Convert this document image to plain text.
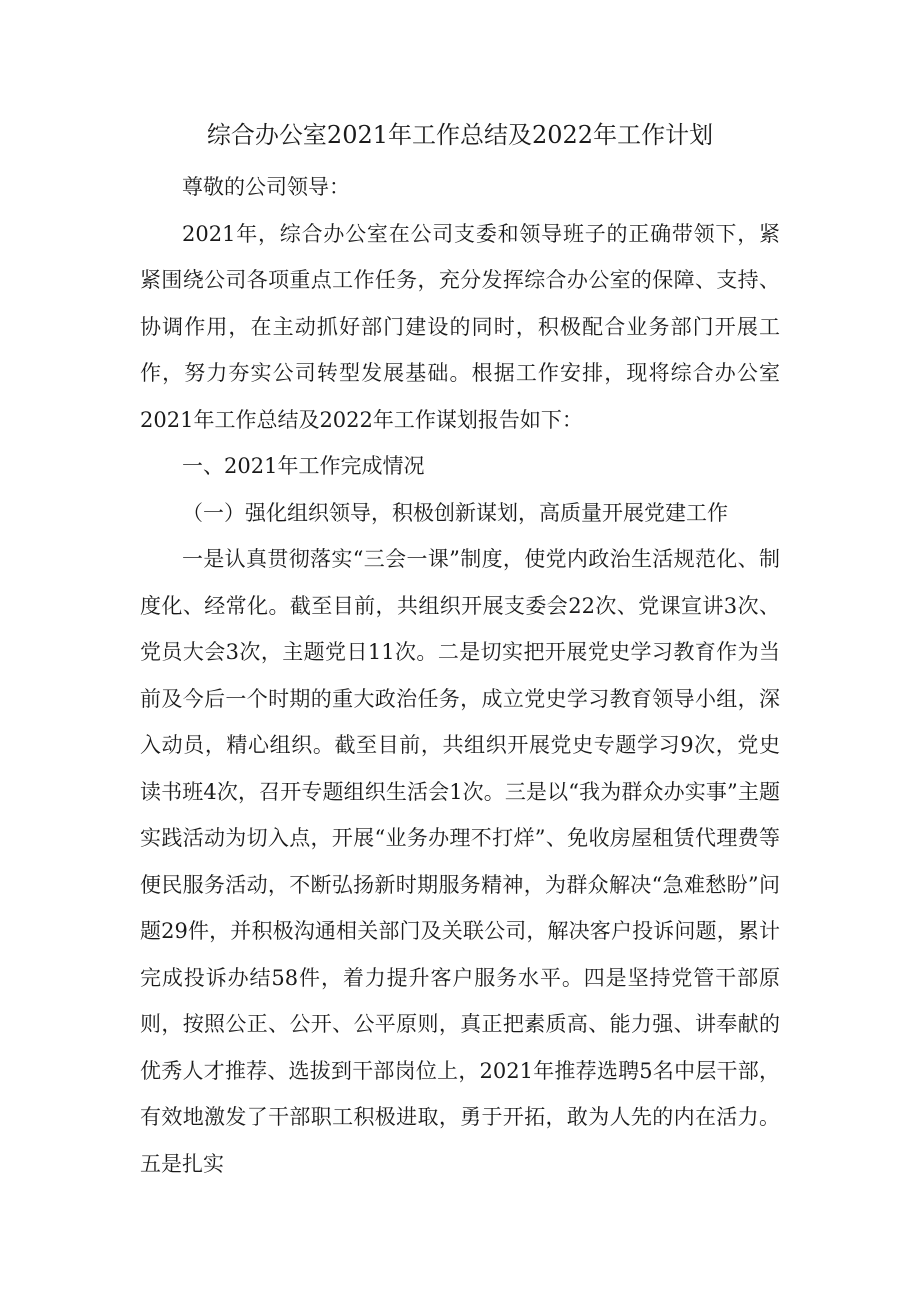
综合办公室2021年工作总结及2022年工作计划

尊敬的公司领导：

2021年，综合办公室在公司支委和领导班子的正确带领下，紧紧围绕公司各项重点工作任务，充分发挥综合办公室的保障、支持、协调作用，在主动抓好部门建设的同时，积极配合业务部门开展工作，努力夯实公司转型发展基础。根据工作安排，现将综合办公室2021年工作总结及2022年工作谋划报告如下：

一、2021年工作完成情况

（一）强化组织领导，积极创新谋划，高质量开展党建工作

一是认真贯彻落实“三会一课”制度，使党内政治生活规范化、制度化、经常化。截至目前，共组织开展支委会22次、党课宣讲3次、党员大会3次，主题党日11次。二是切实把开展党史学习教育作为当前及今后一个时期的重大政治任务，成立党史学习教育领导小组，深入动员，精心组织。截至目前，共组织开展党史专题学习9次，党史读书班4次，召开专题组织生活会1次。三是以“我为群众办实事”主题实践活动为切入点，开展“业务办理不打烊”、免收房屋租赁代理费等便民服务活动，不断弘扬新时期服务精神，为群众解决“急难愁盼”问题29件，并积极沟通相关部门及关联公司，解决客户投诉问题，累计完成投诉办结58件，着力提升客户服务水平。四是坚持党管干部原则，按照公正、公开、公平原则，真正把素质高、能力强、讲奉献的优秀人才推荐、选拔到干部岗位上，2021年推荐选聘5名中层干部，有效地激发了干部职工积极进取，勇于开拓，敢为人先的内在活力。五是扎实
